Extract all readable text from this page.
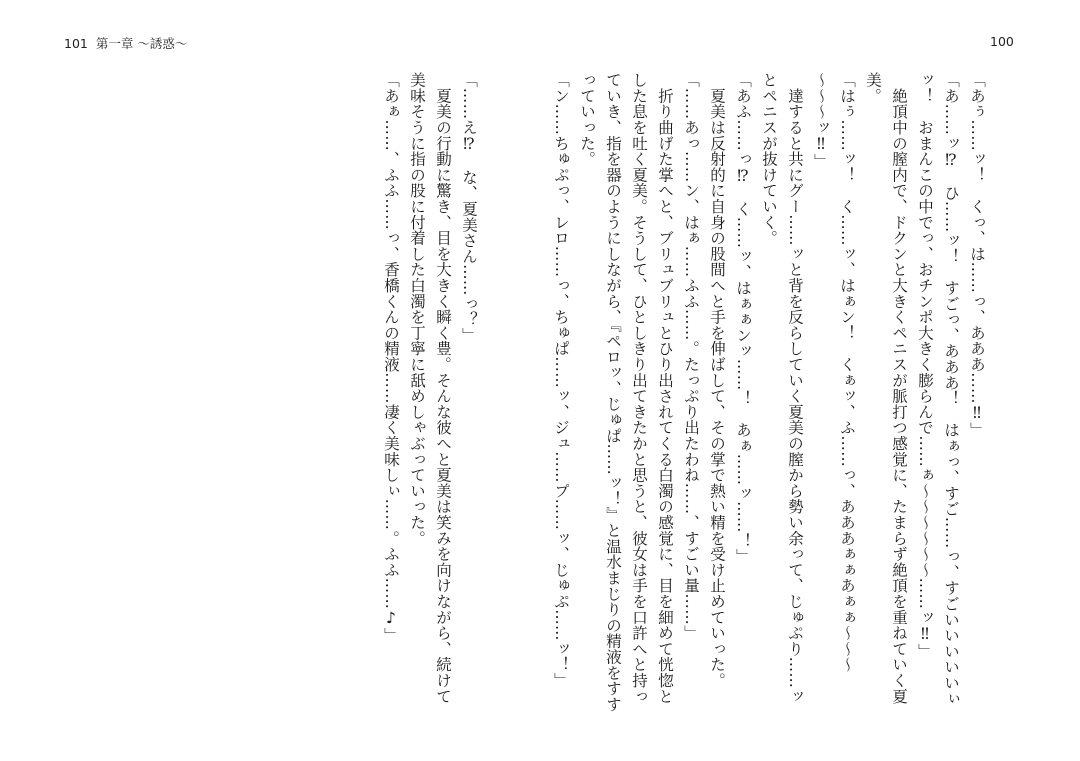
101 第一章 〜誘惑〜	100
「あぅ……ッ！　くっ、は……っ、あああ……‼」
「あ……ッ⁉　ひ……ッ！　すごっ、あああ！　はぁっ、すご……っ、すごいいいいいぃ
ッ！　おまんこの中でっ、おチンポ大きく膨らんで……ぁ〜〜〜〜〜〜……ッ‼」
　絶頂中の膣内で、ドクンと大きくペニスが脈打つ感覚に、たまらず絶頂を重ねていく夏
美。
「はぅ……ッ！　く……ッ、はぁン！　くぁッ、ふ……っ、あああぁぁあぁぁ〜〜〜
〜〜〜ッ‼」
　達すると共にグー……ッと背を反らしていく夏美の膣から勢い余って、じゅぷり……ッ
とペニスが抜けていく。
「あふ……っ⁉　く……ッ、はぁぁンッ……！　あぁ……ッ……！」
　夏美は反射的に自身の股間へと手を伸ばして、その掌で熱い精を受け止めていった。
「……あっ……ン、はぁ……ふふ……。たっぷり出たわね……、すごい量……」
　折り曲げた掌へと、ブリュブリュとひり出されてくる白濁の感覚に、目を細めて恍惚と
した息を吐く夏美。そうして、ひとしきり出てきたかと思うと、彼女は手を口許へと持っ
ていき、指を器のようにしながら、『ペロッ、じゅぱ……ッ！』と温水まじりの精液をすす
っていった。
「ン……ちゅぷっ、レロ……っ、ちゅぱ……ッ、ジュ……プ……ッ、じゅぷ……ッ！」
「……え⁉　な、夏美さん……っ？」
　夏美の行動に驚き、目を大きく瞬く豊。そんな彼へと夏美は笑みを向けながら、続けて
美味そうに指の股に付着した白濁を丁寧に舐めしゃぶっていった。
「あぁ……、ふふ……っ、香橋くんの精液……凄く美味しぃ……。ふふ……♪」
